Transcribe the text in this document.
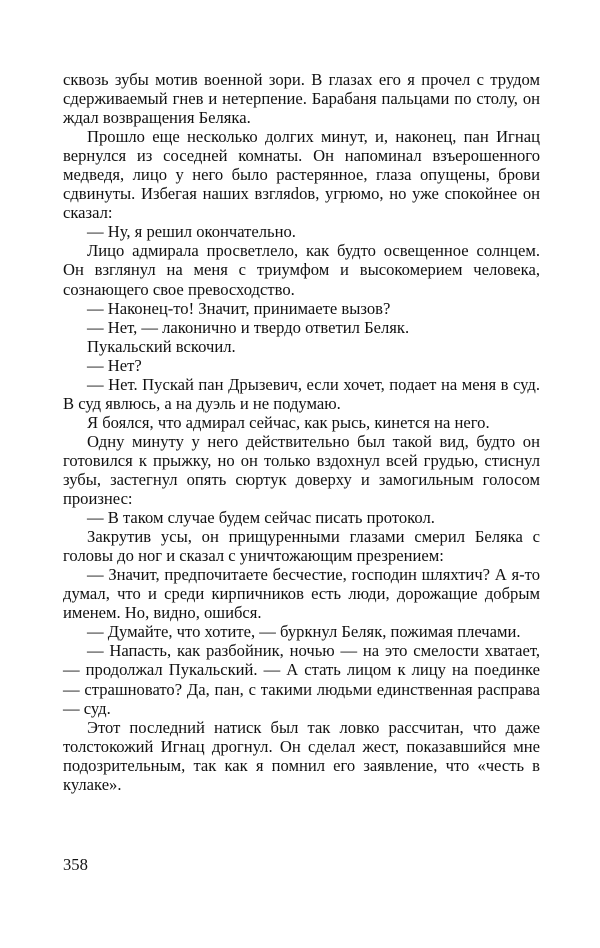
сквозь зубы мотив военной зори. В глазах его я прочел с трудом сдерживаемый гнев и нетерпение. Барабаня пальцами по столу, он ждал возвращения Беляка.

Прошло еще несколько долгих минут, и, наконец, пан Игнац вернулся из соседней комнаты. Он напоминал взъерошенного медведя, лицо у него было растерянное, глаза опущены, брови сдвинуты. Избегая наших взгляdов, угрюмо, но уже спокойнее он сказал:

— Ну, я решил окончательно.

Лицо адмирала просветлело, как будто освещенное солнцем. Он взглянул на меня с триумфом и высокомерием человека, сознающего свое превосходство.

— Наконец-то! Значит, принимаете вызов?

— Нет, — лаконично и твердо ответил Беляк.

Пукальский вскочил.

— Нет?

— Нет. Пускай пан Дрызевич, если хочет, подает на меня в суд. В суд явлюсь, а на дуэль и не подумаю.

Я боялся, что адмирал сейчас, как рысь, кинется на него.

Одну минуту у него действительно был такой вид, будто он готовился к прыжку, но он только вздохнул всей грудью, стиснул зубы, застегнул опять сюртук доверху и замогильным голосом произнес:

— В таком случае будем сейчас писать протокол.

Закрутив усы, он прищуренными глазами смерил Беляка с головы до ног и сказал с уничтожающим презрением:

— Значит, предпочитаете бесчестие, господин шляхтич? А я-то думал, что и среди кирпичников есть люди, дорожащие добрым именем. Но, видно, ошибся.

— Думайте, что хотите, — буркнул Беляк, пожимая плечами.

— Напасть, как разбойник, ночью — на это смелости хватает, — продолжал Пукальский. — А стать лицом к лицу на поединке — страшновато? Да, пан, с такими людьми единственная расправа — суд.

Этот последний натиск был так ловко рассчитан, что даже толстокожий Игнац дрогнул. Он сделал жест, показавшийся мне подозрительным, так как я помнил его заявление, что «честь в кулаке».

358
